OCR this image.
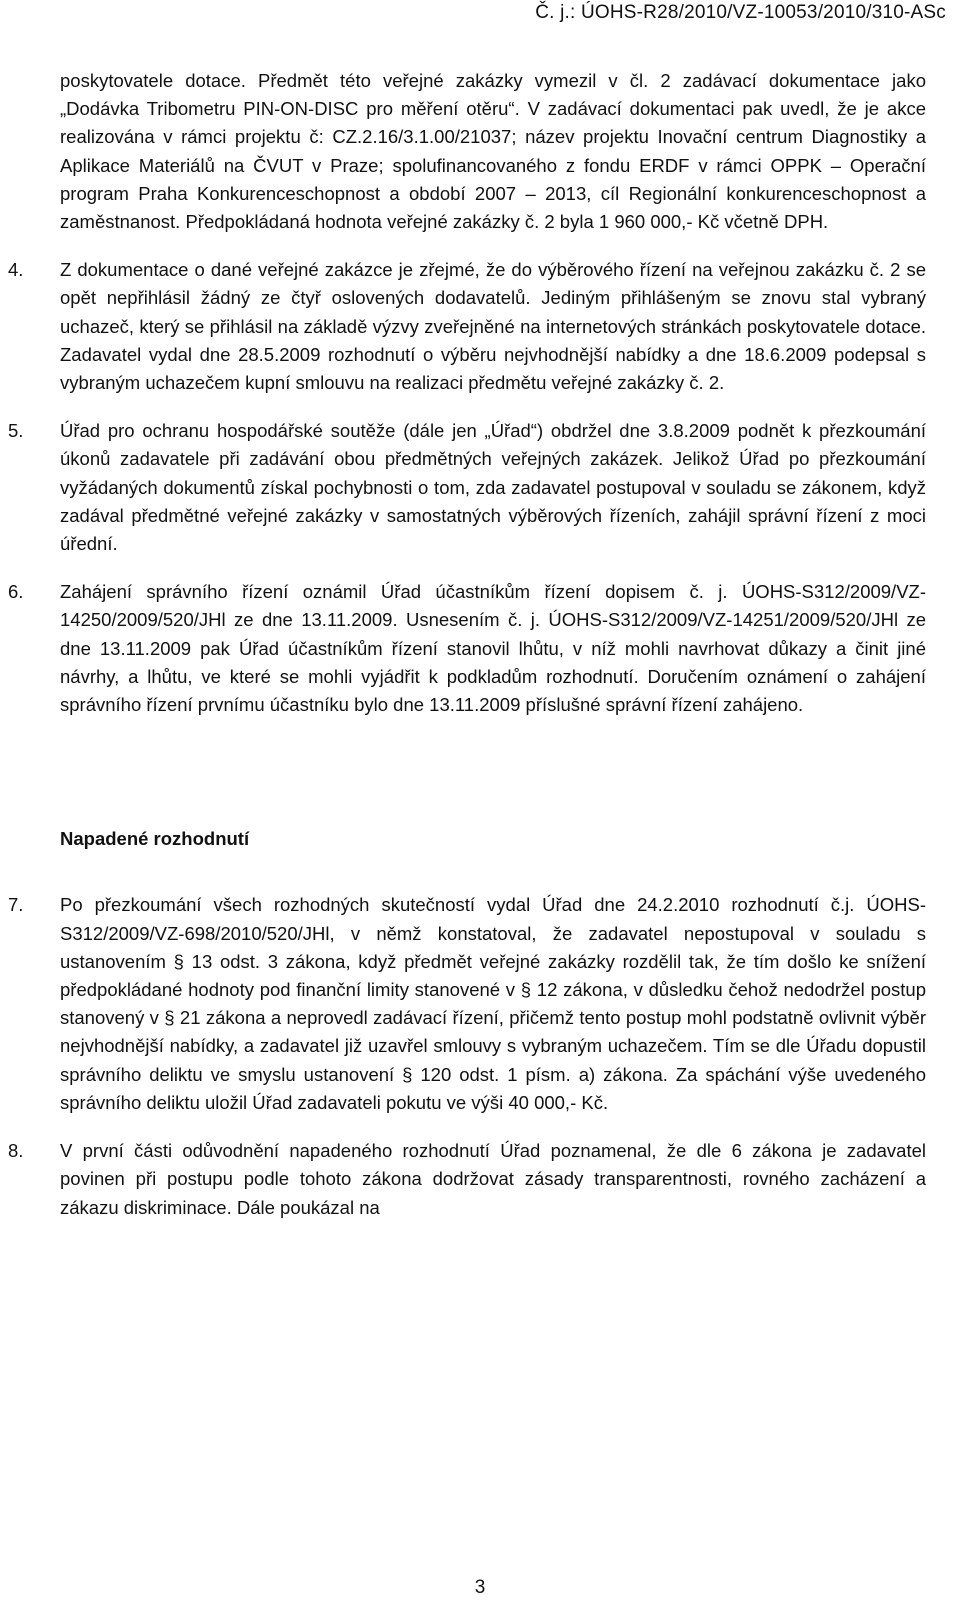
Č. j.: ÚOHS-R28/2010/VZ-10053/2010/310-ASc

poskytovatele dotace. Předmět této veřejné zakázky vymezil v čl. 2 zadávací dokumentace jako „Dodávka Tribometru PIN-ON-DISC pro měření otěru“. V zadávací dokumentaci pak uvedl, že je akce realizována v rámci projektu č: CZ.2.16/3.1.00/21037; název projektu Inovační centrum Diagnostiky a Aplikace Materiálů na ČVUT v Praze; spolufinancovaného z fondu ERDF v rámci OPPK – Operační program Praha Konkurenceschopnost a období 2007 – 2013, cíl Regionální konkurenceschopnost a zaměstnanost. Předpokládaná hodnota veřejné zakázky č. 2 byla 1 960 000,- Kč včetně DPH.

4.	Z dokumentace o dané veřejné zakázce je zřejmé, že do výběrového řízení na veřejnou zakázku č. 2 se opět nepřihlásil žádný ze čtyř oslovených dodavatelů. Jediným přihlášeným se znovu stal vybraný uchazeč, který se přihlásil na základě výzvy zveřejněné na internetových stránkách poskytovatele dotace. Zadavatel vydal dne 28.5.2009 rozhodnutí o výběru nejvhodnější nabídky a dne 18.6.2009 podepsal s vybraným uchazečem kupní smlouvu na realizaci předmětu veřejné zakázky č. 2.
5.	Úřad pro ochranu hospodářské soutěže (dále jen „Úřad“) obdržel dne 3.8.2009 podnět k přezkoumání úkonů zadavatele při zadávání obou předmětných veřejných zakázek. Jelikož Úřad po přezkoumání vyžádaných dokumentů získal pochybnosti o tom, zda zadavatel postupoval v souladu se zákonem, když zadával předmětné veřejné zakázky v samostatných výběrových řízeních, zahájil správní řízení z moci úřední.
6.	Zahájení správního řízení oznámil Úřad účastníkům řízení dopisem č. j. ÚOHS-S312/2009/VZ-14250/2009/520/JHl ze dne 13.11.2009. Usnesením č. j. ÚOHS-S312/2009/VZ-14251/2009/520/JHl ze dne 13.11.2009 pak Úřad účastníkům řízení stanovil lhůtu, v níž mohli navrhovat důkazy a činit jiné návrhy, a lhůtu, ve které se mohli vyjádřit k podkladům rozhodnutí. Doručením oznámení o zahájení správního řízení prvnímu účastníku bylo dne 13.11.2009 příslušné správní řízení zahájeno.
Napadené rozhodnutí
7.	Po přezkoumání všech rozhodných skutečností vydal Úřad dne 24.2.2010 rozhodnutí č.j. ÚOHS-S312/2009/VZ-698/2010/520/JHl, v němž konstatoval, že zadavatel nepostupoval v souladu s ustanovením § 13 odst. 3 zákona, když předmět veřejné zakázky rozdělil tak, že tím došlo ke snížení předpokládané hodnoty pod finanční limity stanovené v § 12 zákona, v důsledku čehož nedodržel postup stanovený v § 21 zákona a neprovedl zadávací řízení, přičemž tento postup mohl podstatně ovlivnit výběr nejvhodnější nabídky, a zadavatel již uzavřel smlouvy s vybraným uchazečem. Tím se dle Úřadu dopustil správního deliktu ve smyslu ustanovení § 120 odst. 1 písm. a) zákona. Za spáchání výše uvedeného správního deliktu uložil Úřad zadavateli pokutu ve výši 40 000,- Kč.
8.	V první části odůvodnění napadeného rozhodnutí Úřad poznamenal, že dle 6 zákona je zadavatel povinen při postupu podle tohoto zákona dodržovat zásady transparentnosti, rovného zacházení a zákazu diskriminace. Dále poukázal na
3
